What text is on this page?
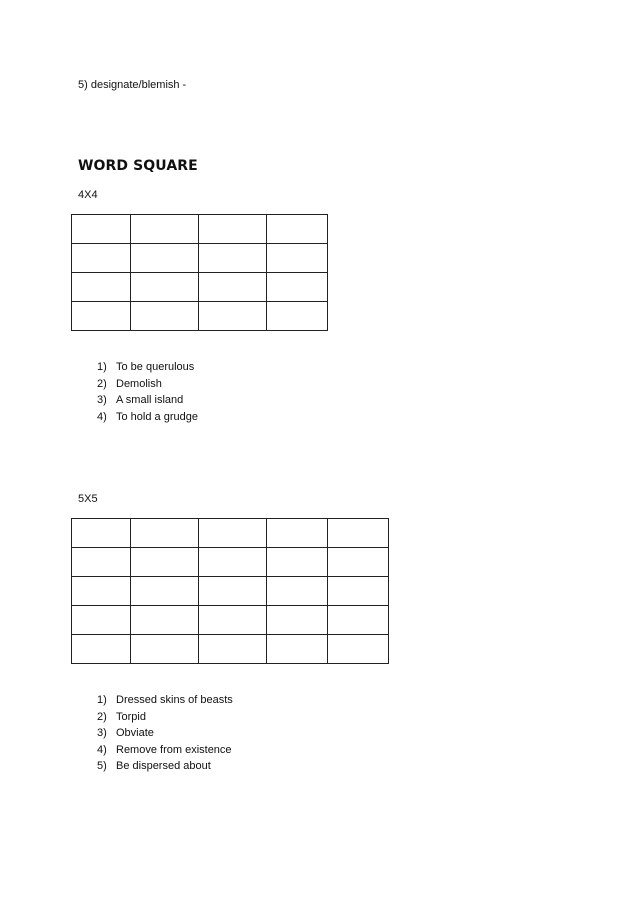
5) designate/blemish -
WORD SQUARE
4X4

1) To be querulous
2) Demolish
3) A small island
4) To hold a grudge
5X5

1) Dressed skins of beasts
2) Torpid
3) Obviate
4) Remove from existence
5) Be dispersed about
